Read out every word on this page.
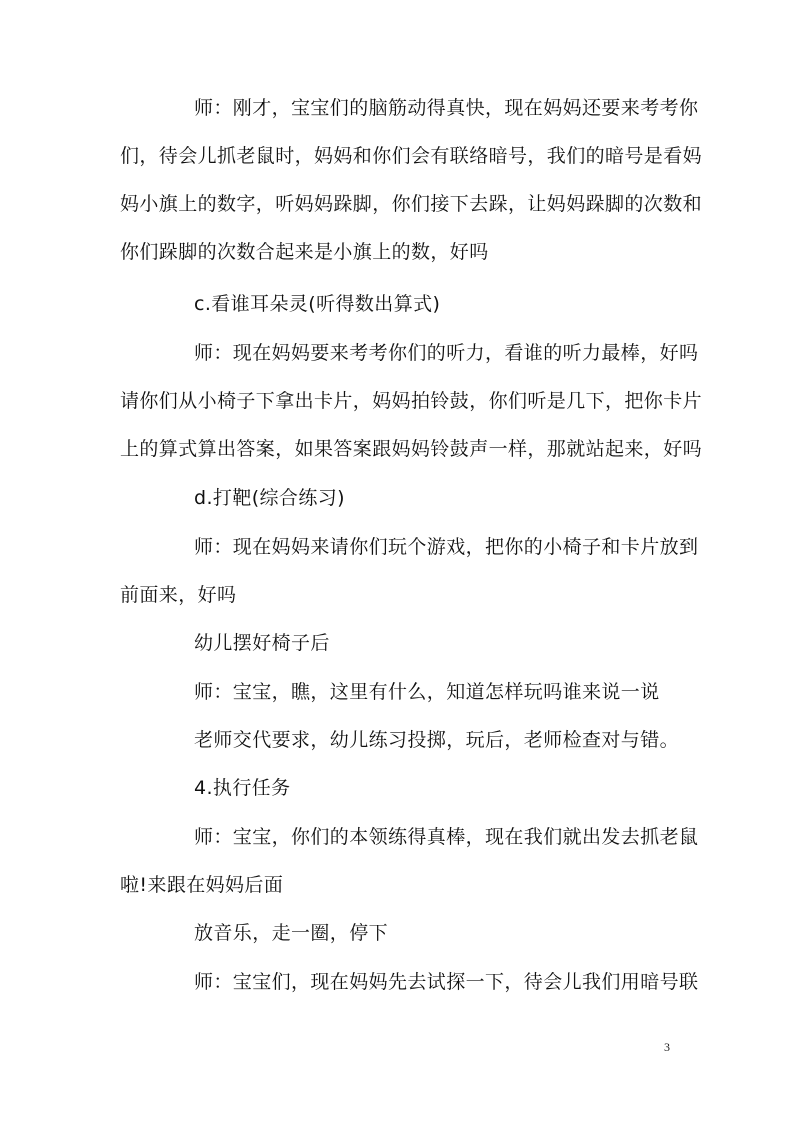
师：刚才，宝宝们的脑筋动得真快，现在妈妈还要来考考你
们，待会儿抓老鼠时，妈妈和你们会有联络暗号，我们的暗号是看妈
妈小旗上的数字，听妈妈跺脚，你们接下去跺，让妈妈跺脚的次数和
你们跺脚的次数合起来是小旗上的数，好吗
c.看谁耳朵灵(听得数出算式)
师：现在妈妈要来考考你们的听力，看谁的听力最棒，好吗
请你们从小椅子下拿出卡片，妈妈拍铃鼓，你们听是几下，把你卡片
上的算式算出答案，如果答案跟妈妈铃鼓声一样，那就站起来，好吗
d.打靶(综合练习)
师：现在妈妈来请你们玩个游戏，把你的小椅子和卡片放到
前面来，好吗
幼儿摆好椅子后
师：宝宝，瞧，这里有什么，知道怎样玩吗谁来说一说
老师交代要求，幼儿练习投掷，玩后，老师检查对与错。
4.执行任务
师：宝宝，你们的本领练得真棒，现在我们就出发去抓老鼠
啦!来跟在妈妈后面
放音乐，走一圈，停下
师：宝宝们，现在妈妈先去试探一下，待会儿我们用暗号联
3
